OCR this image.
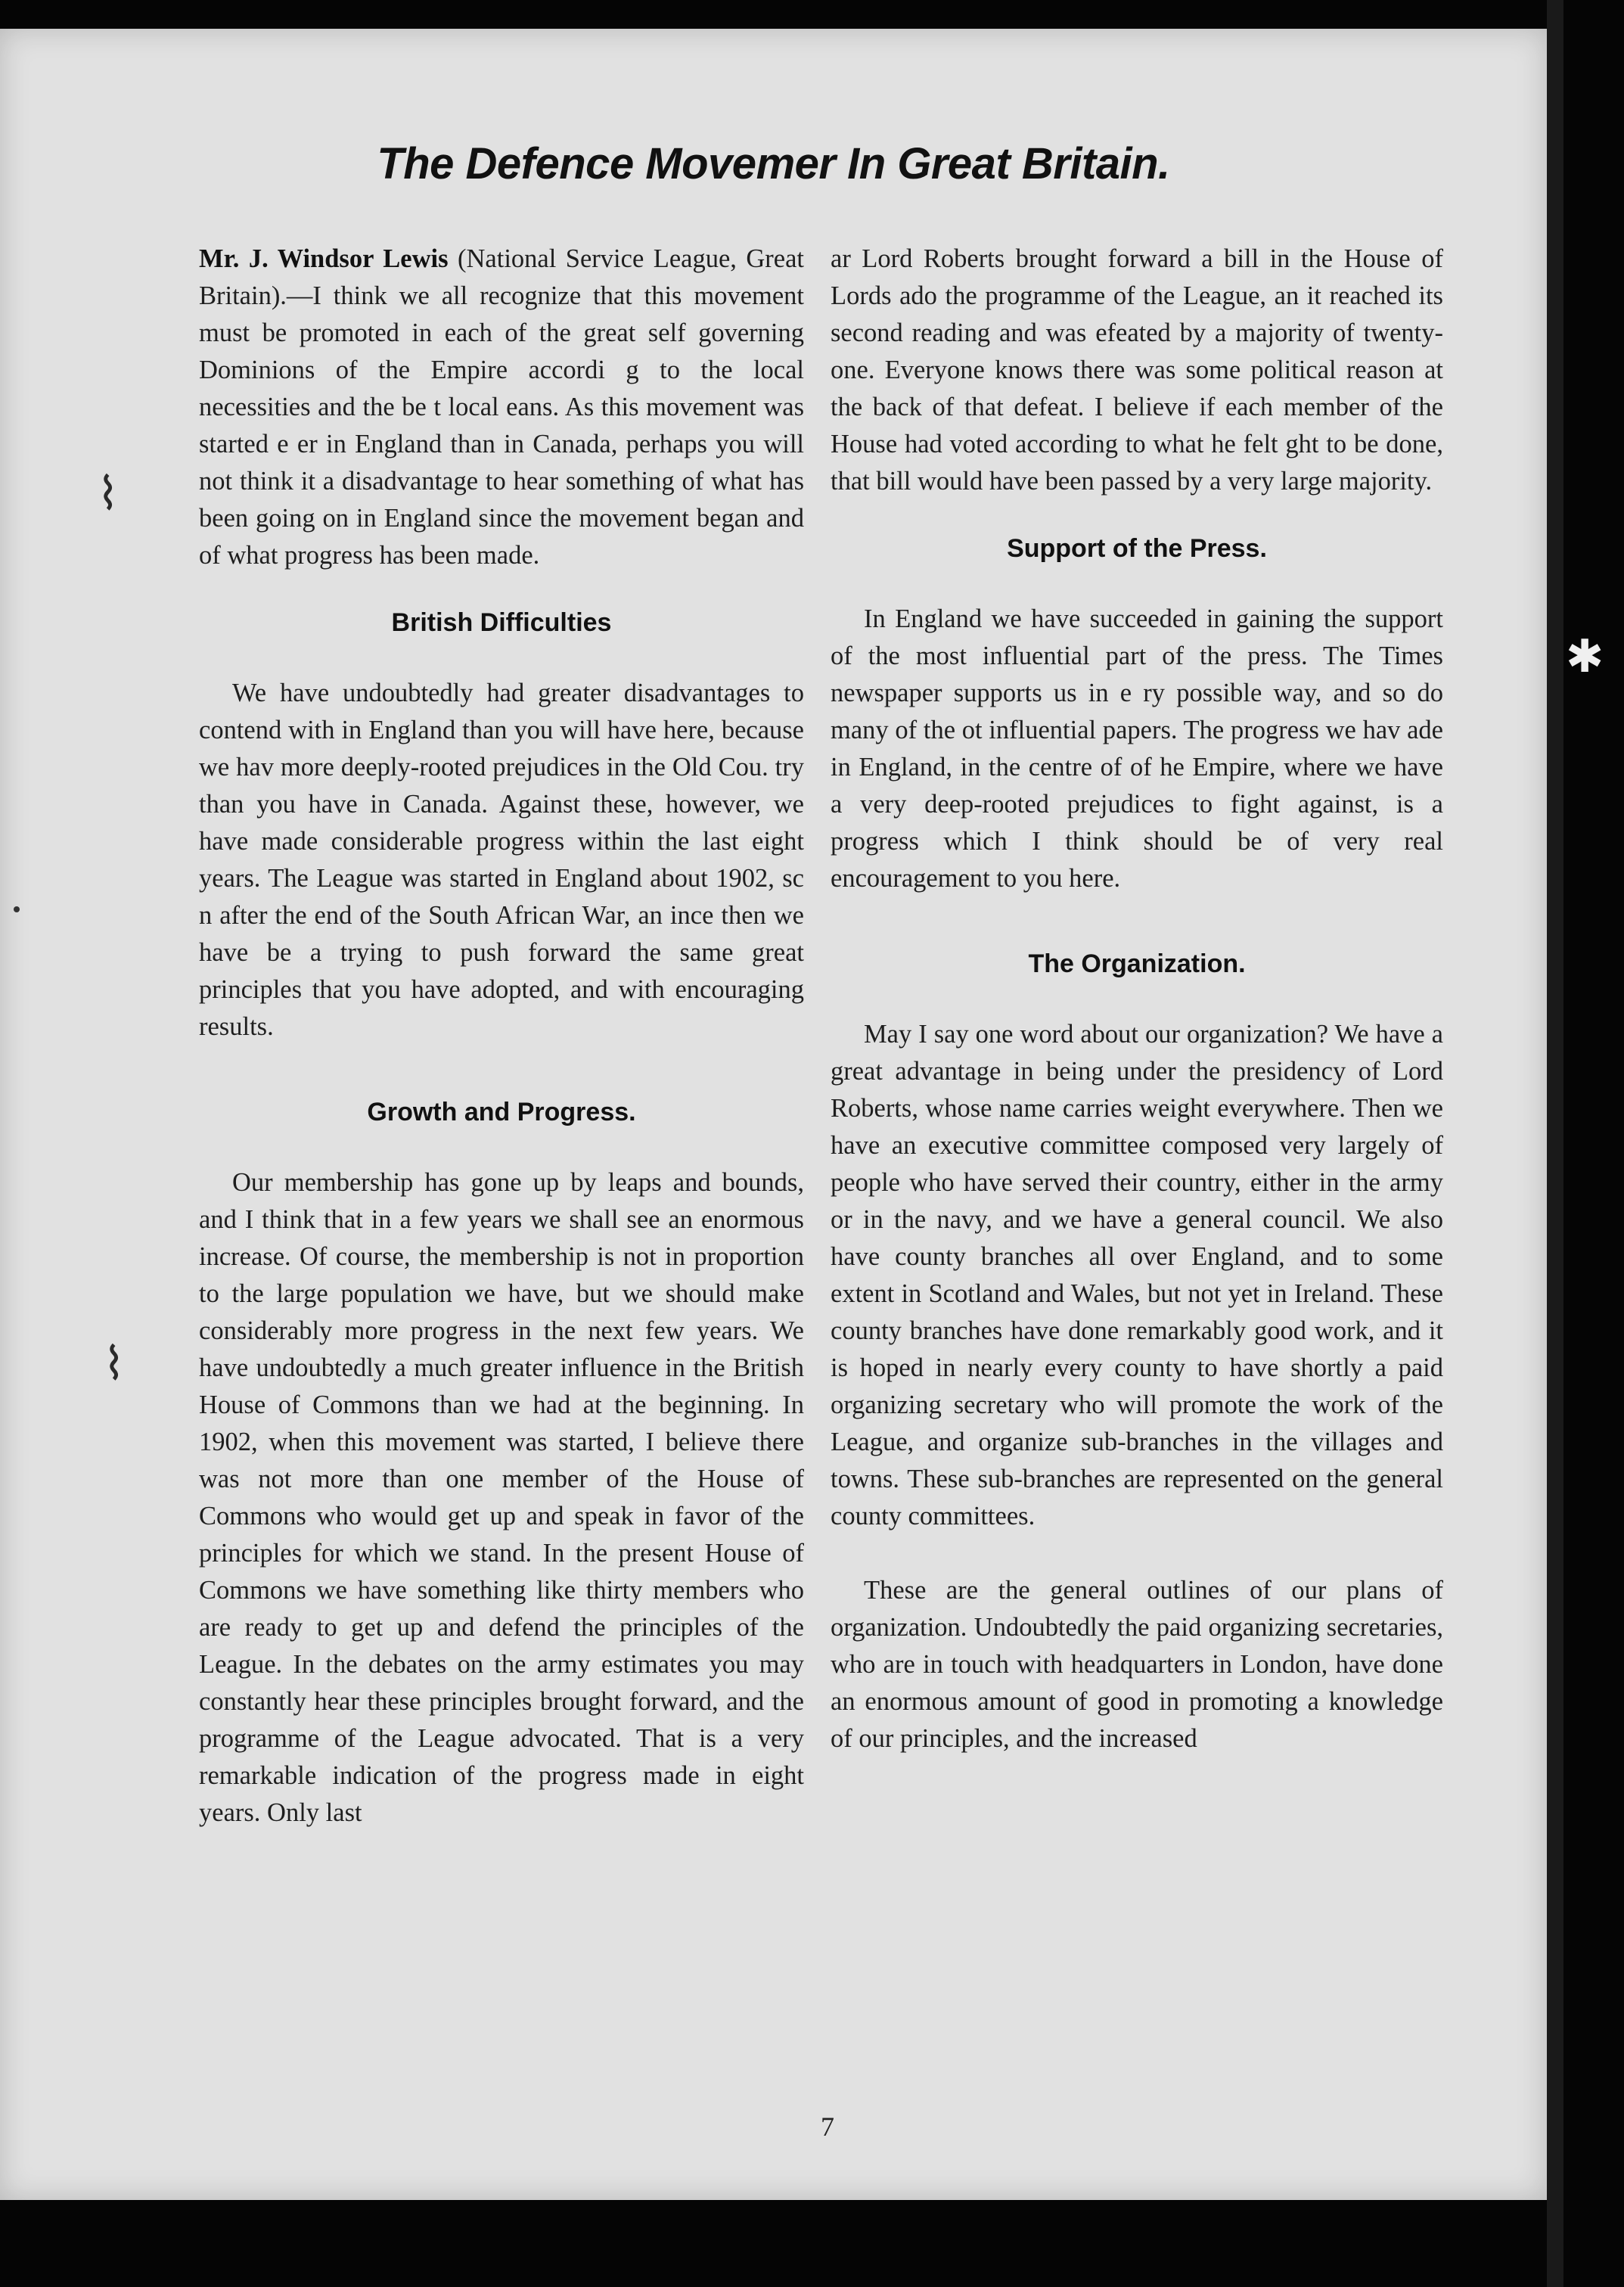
The Defence Movemer In Great Britain.

Mr. J. Windsor Lewis (National Service League, Great Britain).—I think we all recognize that this movement must be promoted in each of the great self governing Dominions of the Empire accordi g to the local necessities and the be t local eans. As this movement was started e er in England than in Canada, perhaps you will not think it a disadvantage to hear something of what has been going on in England since the movement began and of what progress has been made.

British Difficulties

We have undoubtedly had greater disadvantages to contend with in England than you will have here, because we hav more deeply-rooted prejudices in the Old Cou. try than you have in Canada. Against these, however, we have made considerable progress within the last eight years. The League was started in England about 1902, sc n after the end of the South African War, an ince then we have be a trying to push forward the same great principles that you have adopted, and with encouraging results.

Growth and Progress.

Our membership has gone up by leaps and bounds, and I think that in a few years we shall see an enormous increase. Of course, the membership is not in proportion to the large population we have, but we should make considerably more progress in the next few years. We have undoubtedly a much greater influence in the British House of Commons than we had at the beginning. In 1902, when this movement was started, I believe there was not more than one member of the House of Commons who would get up and speak in favor of the principles for which we stand. In the present House of Commons we have something like thirty members who are ready to get up and defend the principles of the League. In the debates on the army estimates you may constantly hear these principles brought forward, and the programme of the League advocated. That is a very remarkable indication of the progress made in eight years. Only last

ar Lord Roberts brought forward a bill in the House of Lords ado the programme of the League, an it reached its second reading and was efeated by a majority of twenty-one. Everyone knows there was some political reason at the back of that defeat. I believe if each member of the House had voted according to what he felt ght to be done, that bill would have been passed by a very large majority.

Support of the Press.

In England we have succeeded in gaining the support of the most influential part of the press. The Times newspaper supports us in e ry possible way, and so do many of the ot influential papers. The progress we hav ade in England, in the centre of of he Empire, where we have a very deep-rooted prejudices to fight against, is a progress which I think should be of very real encouragement to you here.

The Organization.

May I say one word about our organization? We have a great advantage in being under the presidency of Lord Roberts, whose name carries weight everywhere. Then we have an executive committee composed very largely of people who have served their country, either in the army or in the navy, and we have a general council. We also have county branches all over England, and to some extent in Scotland and Wales, but not yet in Ireland. These county branches have done remarkably good work, and it is hoped in nearly every county to have shortly a paid organizing secretary who will promote the work of the League, and organize sub-branches in the villages and towns. These sub-branches are represented on the general county committees.

These are the general outlines of our plans of organization. Undoubtedly the paid organizing secretaries, who are in touch with headquarters in London, have done an enormous amount of good in promoting a knowledge of our principles, and the increased

7
⌇
⌇
✱
